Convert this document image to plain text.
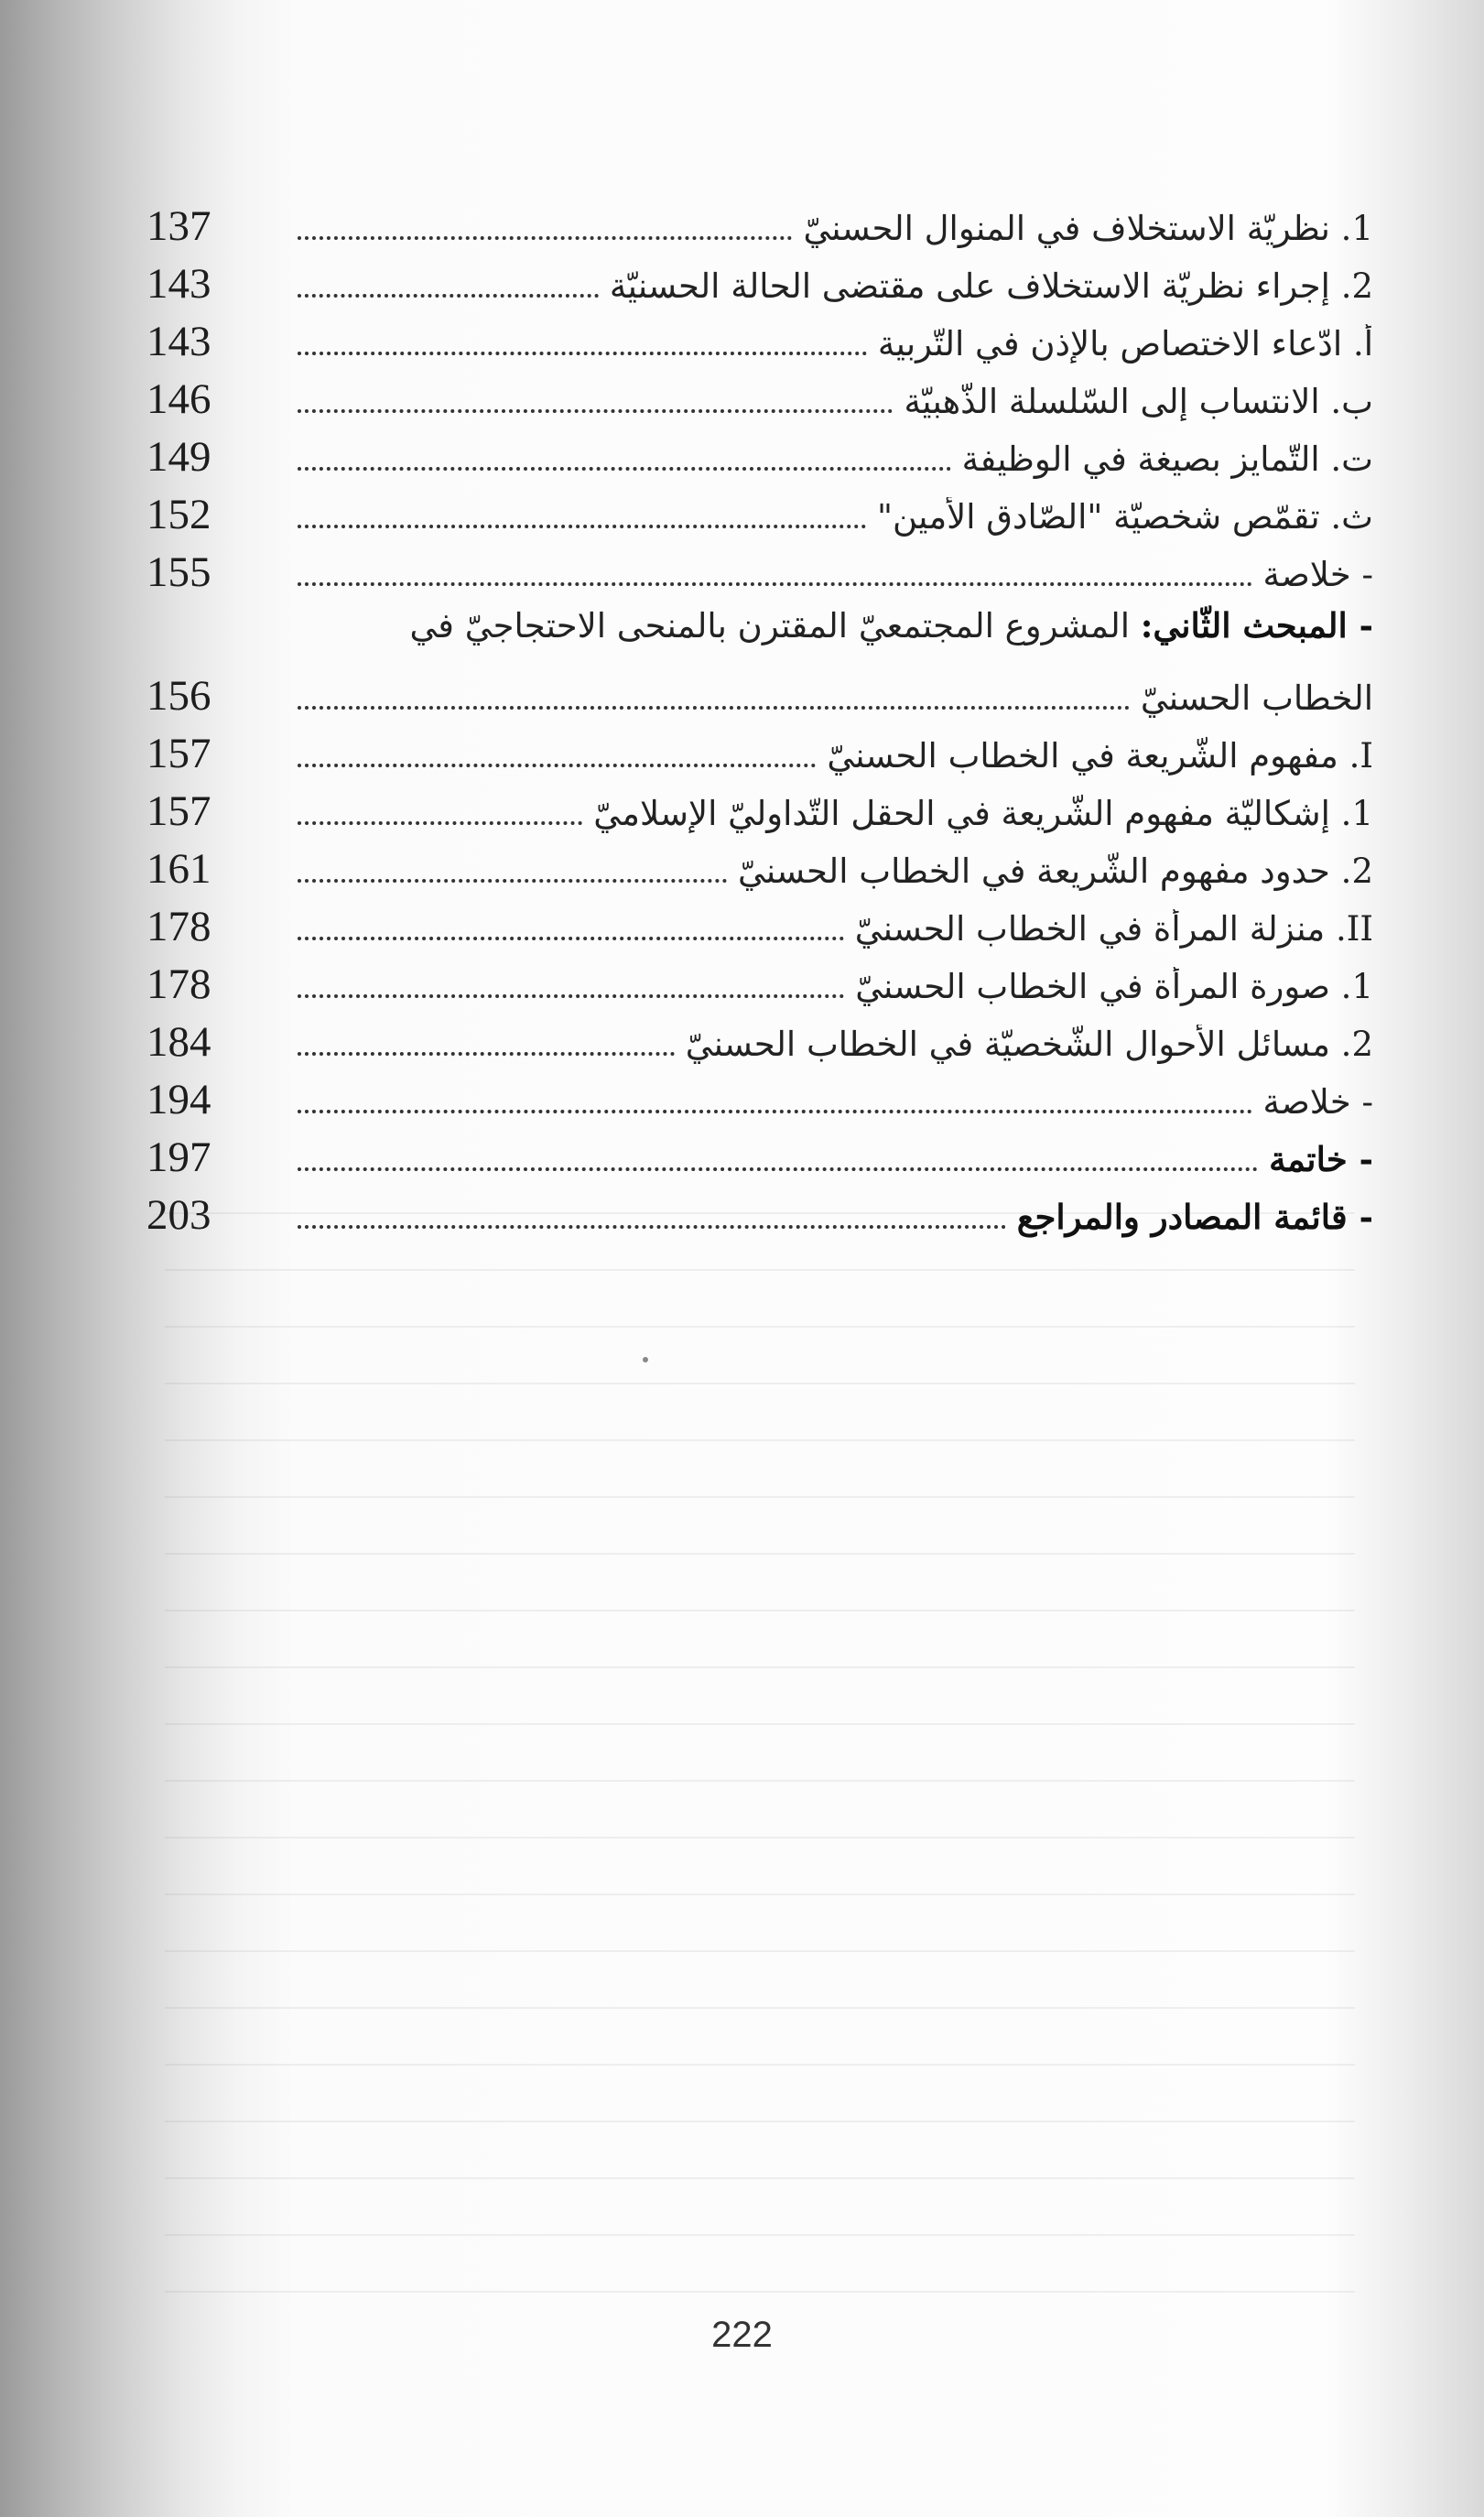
137	1. نظريّة الاستخلاف في المنوال الحسنيّ
143	2. إجراء نظريّة الاستخلاف على مقتضى الحالة الحسنيّة
143	أ. ادّعاء الاختصاص بالإذن في التّربية
146	ب. الانتساب إلى السّلسلة الذّهبيّة
149	ت. التّمايز بصيغة في الوظيفة
152	ث. تقمّص شخصيّة "الصّادق الأمين"
155	- خلاصة
- المبحث الثّاني: المشروع المجتمعيّ المقترن بالمنحى الاحتجاجيّ في
156	الخطاب الحسنيّ
157	I. مفهوم الشّريعة في الخطاب الحسنيّ
157	1. إشكاليّة مفهوم الشّريعة في الحقل التّداوليّ الإسلاميّ
161	2. حدود مفهوم الشّريعة في الخطاب الحسنيّ
178	II. منزلة المرأة في الخطاب الحسنيّ
178	1. صورة المرأة في الخطاب الحسنيّ
184	2. مسائل الأحوال الشّخصيّة في الخطاب الحسنيّ
194	- خلاصة
197	- خاتمة
203	- قائمة المصادر والمراجع
222
